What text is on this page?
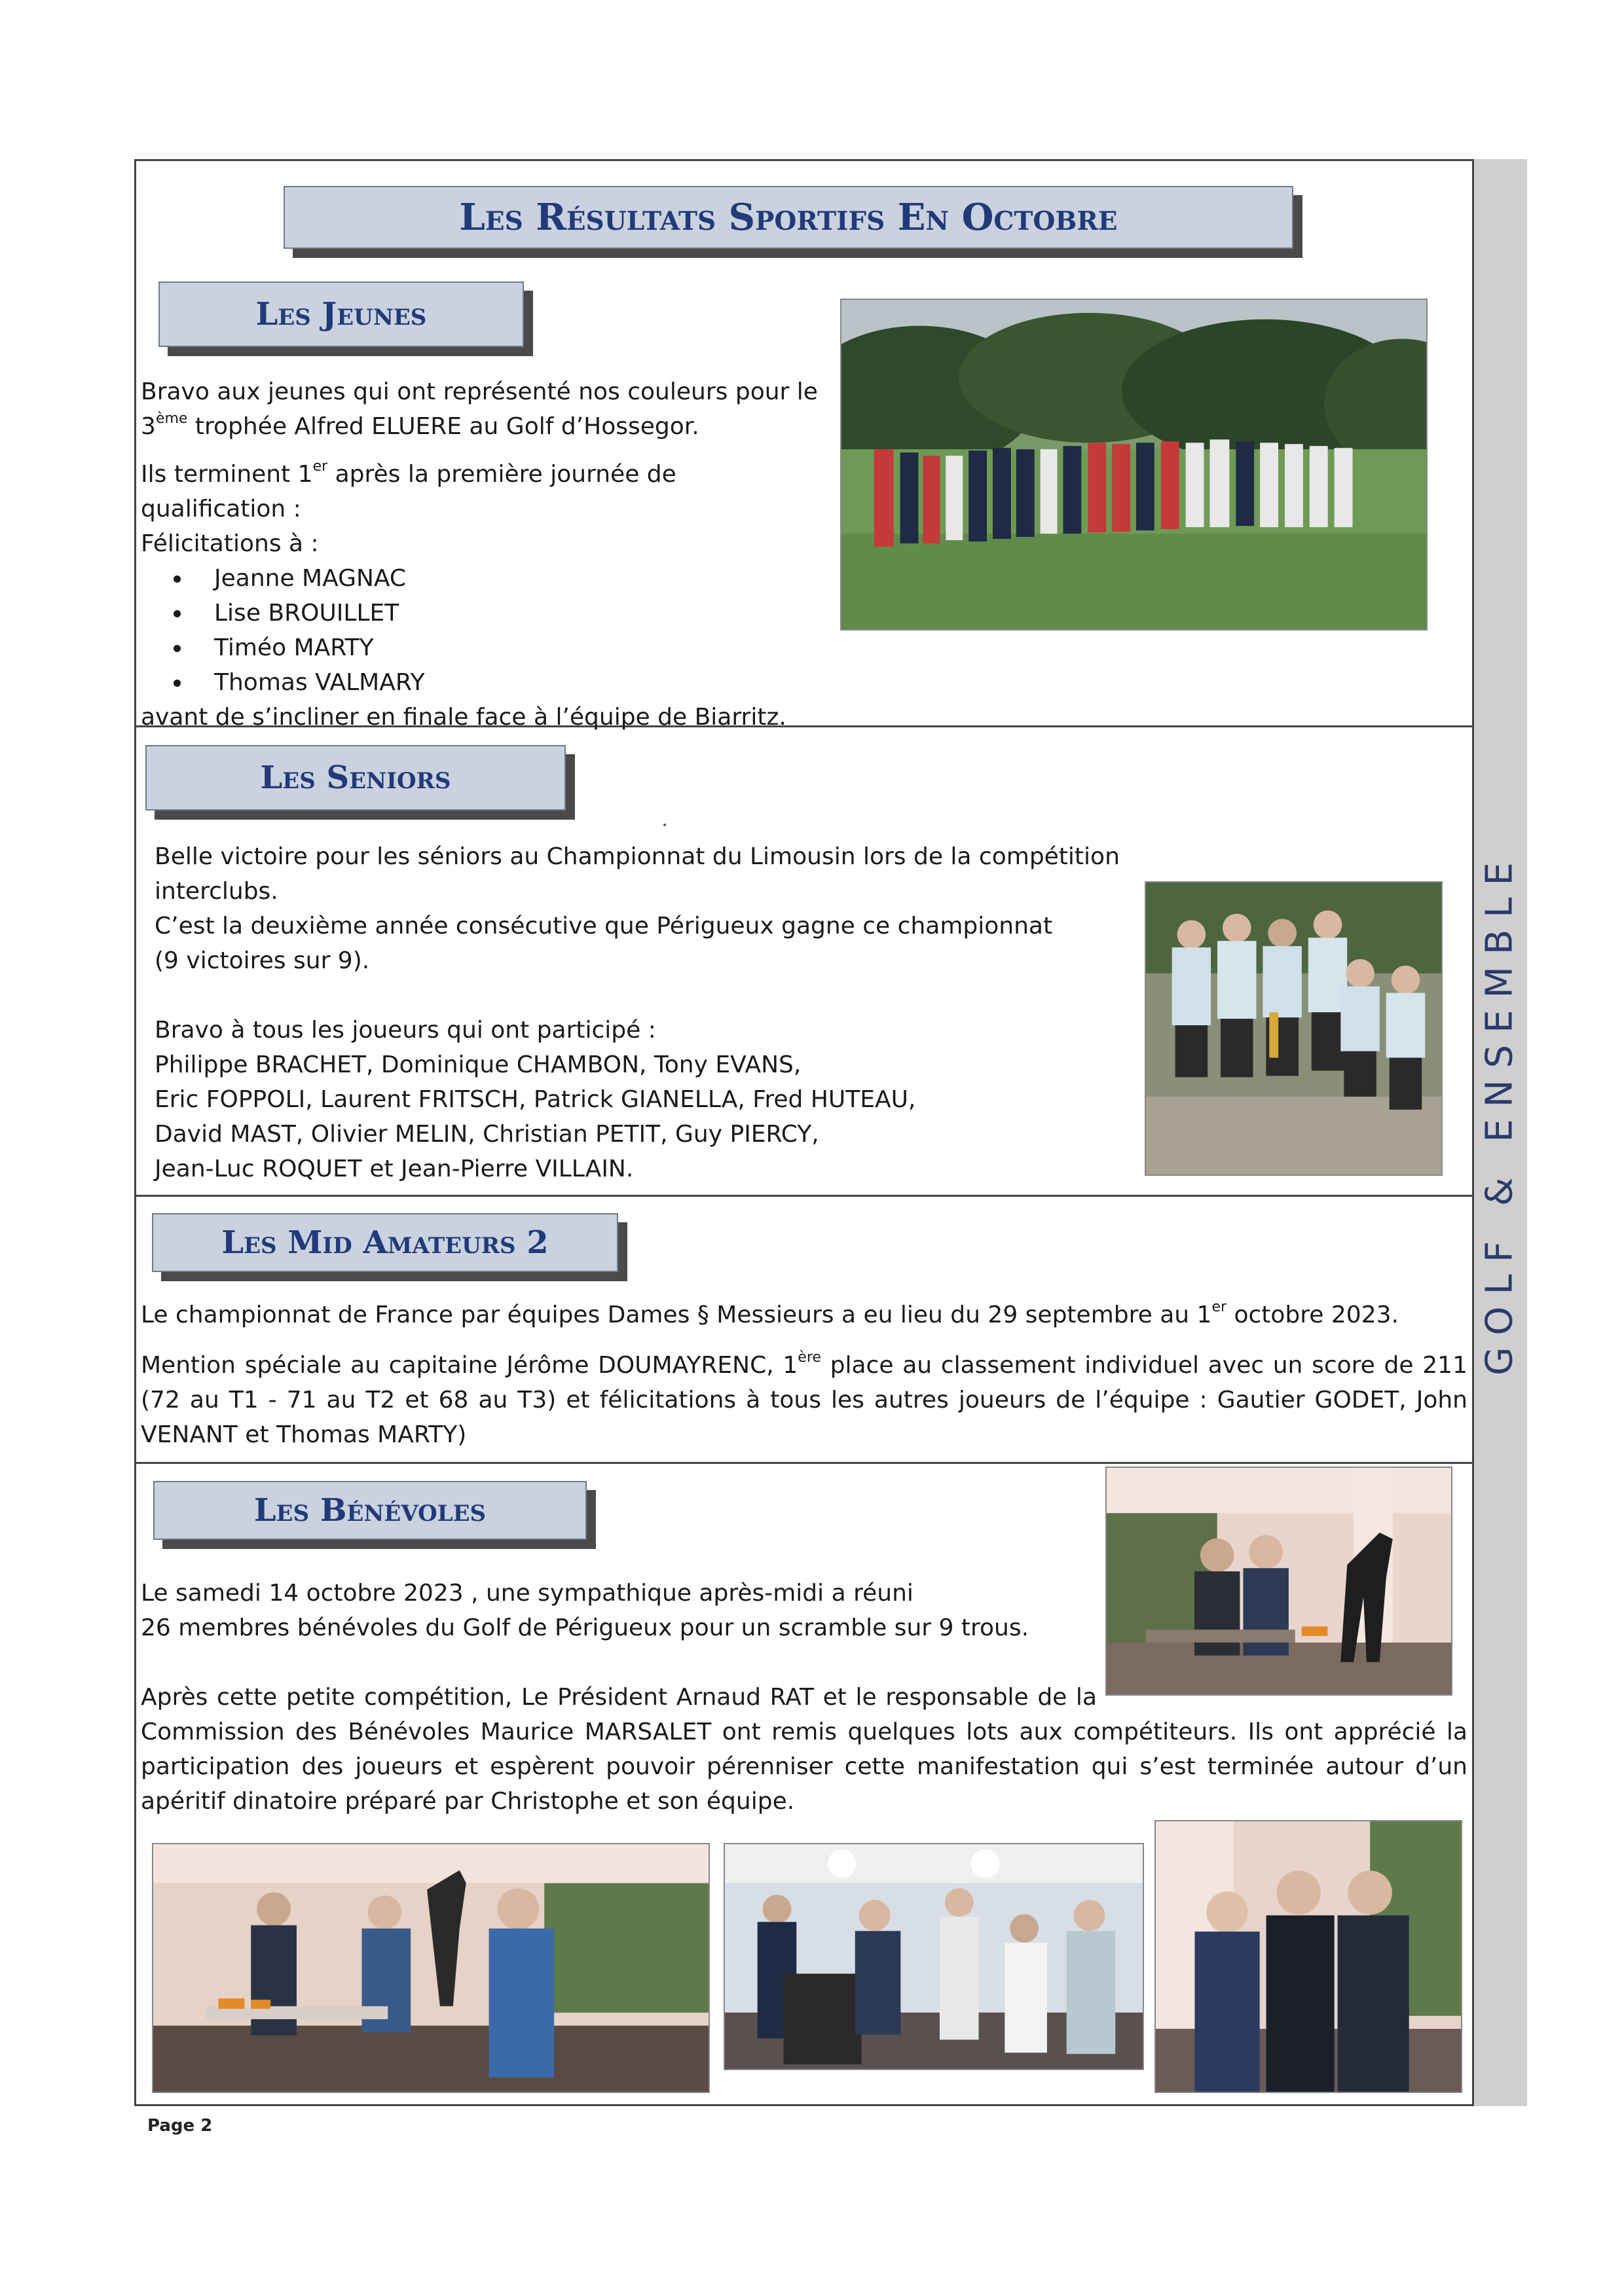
GOLF & ENSEMBLE
Les Résultats Sportifs En Octobre
Les Jeunes
Bravo aux jeunes qui ont représenté nos couleurs pour le
3ème trophée Alfred ELUERE au Golf d’Hossegor.
Ils terminent 1er après la première journée de qualification :
Félicitations à :
Jeanne MAGNAC
Lise BROUILLET
Timéo MARTY
Thomas VALMARY
avant de s’incliner en finale face à l’équipe de Biarritz.
Les Seniors
Belle victoire pour les séniors au Championnat du Limousin lors de la compétition interclubs.
C’est la deuxième année consécutive que Périgueux gagne ce championnat
(9 victoires sur 9).
Bravo à tous les joueurs qui ont participé :
Philippe BRACHET, Dominique CHAMBON, Tony EVANS,
Eric FOPPOLI, Laurent FRITSCH, Patrick GIANELLA, Fred HUTEAU,
David MAST, Olivier MELIN, Christian PETIT, Guy PIERCY,
Jean-Luc ROQUET et Jean-Pierre VILLAIN.
Les Mid Amateurs 2
Le championnat de France par équipes Dames § Messieurs a eu lieu du 29 septembre au 1er octobre 2023.
Mention spéciale au capitaine Jérôme DOUMAYRENC, 1ère place au classement individuel avec un score de 211 (72 au T1 - 71 au T2 et 68 au T3) et félicitations à tous les autres joueurs de l’équipe : Gautier GODET, John VENANT et Thomas MARTY)
Les Bénévoles
Le samedi 14 octobre 2023 , une sympathique après-midi a réuni
26 membres bénévoles du Golf de Périgueux pour un scramble sur 9 trous.
Après cette petite compétition, Le Président Arnaud RAT et le responsable de la
Commission des Bénévoles Maurice MARSALET ont remis quelques lots aux compétiteurs. Ils ont apprécié la participation des joueurs et espèrent pouvoir pérenniser cette manifestation qui s’est terminée autour d’un apéritif dinatoire préparé par Christophe et son équipe.
Page 2
